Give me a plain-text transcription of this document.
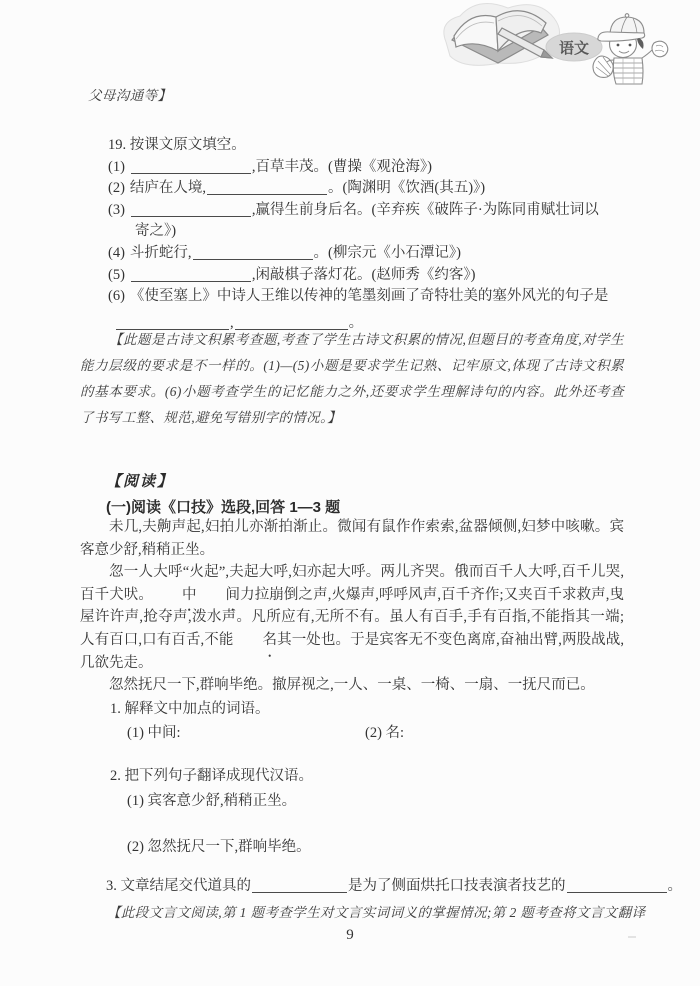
语文
父母沟通等】
19. 按课文原文填空。
(1)	,百草丰茂。(曹操《观沧海》)
(2) 结庐在人境,	。(陶渊明《饮酒(其五)》)
(3)	,赢得生前身后名。(辛弃疾《破阵子·为陈同甫赋壮词以
寄之》)
(4) 斗折蛇行,	。(柳宗元《小石潭记》)
(5)	,闲敲棋子落灯花。(赵师秀《约客》)
(6) 《使至塞上》中诗人王维以传神的笔墨刻画了奇特壮美的塞外风光的句子是
,	。

【此题是古诗文积累考查题,考查了学生古诗文积累的情况,但题目的考查角度,对学生能力层级的要求是不一样的。(1)—(5)小题是要求学生记熟、记牢原文,体现了古诗文积累的基本要求。(6)小题考查学生的记忆能力之外,还要求学生理解诗句的内容。此外还考查了书写工整、规范,避免写错别字的情况。】

【阅读】
(一)阅读《口技》选段,回答 1—3 题

未几,夫齁声起,妇拍儿亦渐拍渐止。微闻有鼠作作索索,盆器倾侧,妇梦中咳嗽。宾客意少舒,稍稍正坐。

忽一人大呼“火起”,夫起大呼,妇亦起大呼。两儿齐哭。俄而百千人大呼,百千儿哭,百千犬吠。 中 间力拉崩倒之声,火爆声,呼呼风声,百千齐作;又夹百千求救声,曳屋许许声,抢夺声,泼水声。凡所应有,无所不有。虽人有百手,手有百指,不能指其一端;人有百口,口有百舌,不能 名其一处也。于是宾客无不变色离席,奋袖出臂,两股战战,几欲先走。

忽然抚尺一下,群响毕绝。撤屏视之,一人、一桌、一椅、一扇、一抚尺而已。

1. 解释文中加点的词语。
(1) 中间:	(2) 名:
2. 把下列句子翻译成现代汉语。
(1) 宾客意少舒,稍稍正坐。
(2) 忽然抚尺一下,群响毕绝。
3. 文章结尾交代道具的	是为了侧面烘托口技表演者技艺的	。
【此段文言文阅读,第 1 题考查学生对文言实词词义的掌握情况;第 2 题考查将文言文翻译
9
